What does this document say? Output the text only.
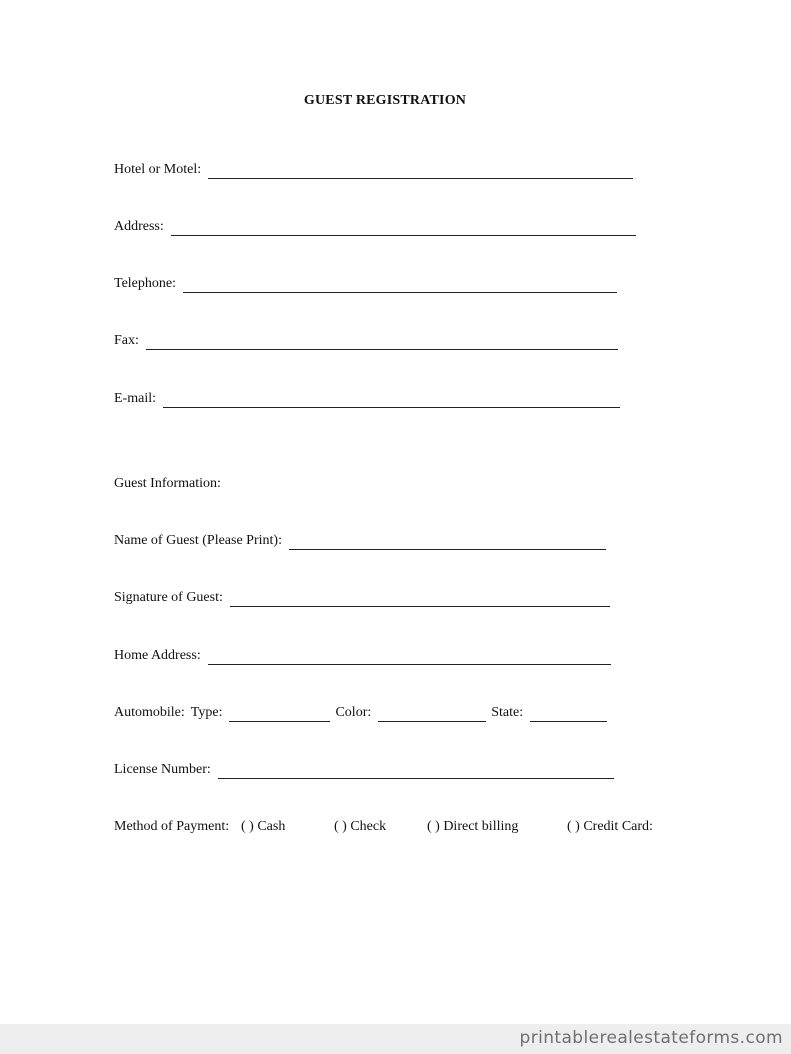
GUEST REGISTRATION
Hotel or Motel:
Address:
Telephone:
Fax:
E-mail:
Guest Information:
Name of Guest (Please Print):
Signature of Guest:
Home Address:
Automobile: Type:	Color:	State:
License Number:
Method of Payment: ( ) Cash	( ) Check	( ) Direct billing	( ) Credit Card:
printablerealestateforms.com
